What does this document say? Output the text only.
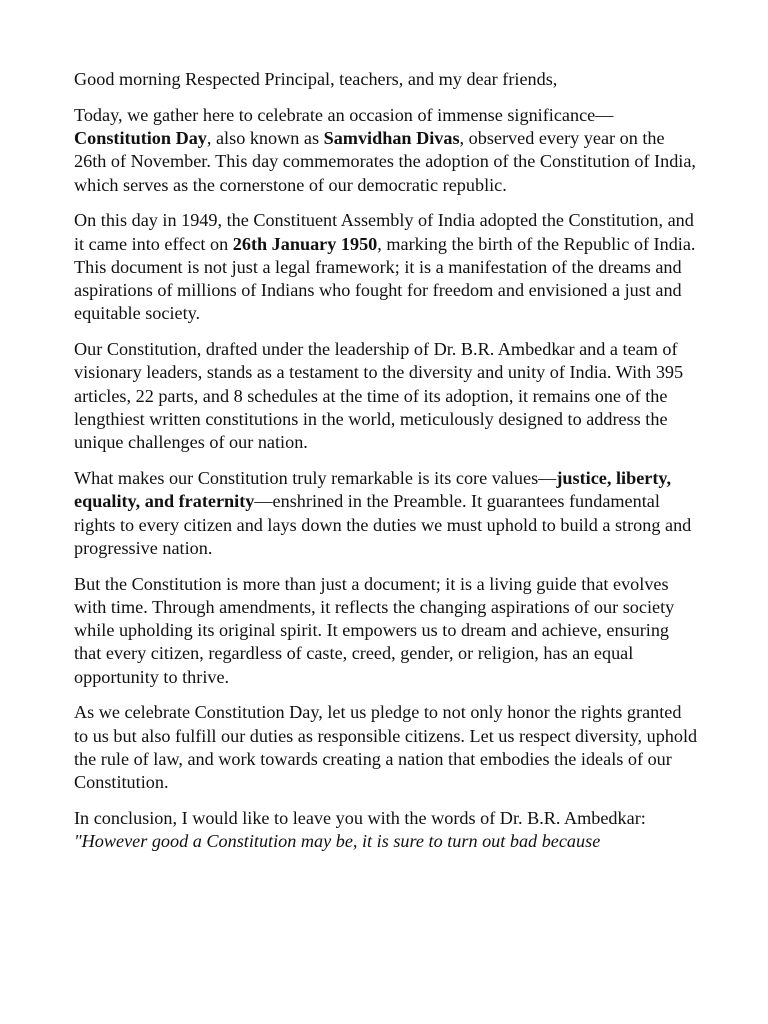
Good morning Respected Principal, teachers, and my dear friends,

Today, we gather here to celebrate an occasion of immense significance—Constitution Day, also known as Samvidhan Divas, observed every year on the 26th of November. This day commemorates the adoption of the Constitution of India, which serves as the cornerstone of our democratic republic.

On this day in 1949, the Constituent Assembly of India adopted the Constitution, and it came into effect on 26th January 1950, marking the birth of the Republic of India. This document is not just a legal framework; it is a manifestation of the dreams and aspirations of millions of Indians who fought for freedom and envisioned a just and equitable society.

Our Constitution, drafted under the leadership of Dr. B.R. Ambedkar and a team of visionary leaders, stands as a testament to the diversity and unity of India. With 395 articles, 22 parts, and 8 schedules at the time of its adoption, it remains one of the lengthiest written constitutions in the world, meticulously designed to address the unique challenges of our nation.

What makes our Constitution truly remarkable is its core values—justice, liberty, equality, and fraternity—enshrined in the Preamble. It guarantees fundamental rights to every citizen and lays down the duties we must uphold to build a strong and progressive nation.

But the Constitution is more than just a document; it is a living guide that evolves with time. Through amendments, it reflects the changing aspirations of our society while upholding its original spirit. It empowers us to dream and achieve, ensuring that every citizen, regardless of caste, creed, gender, or religion, has an equal opportunity to thrive.

As we celebrate Constitution Day, let us pledge to not only honor the rights granted to us but also fulfill our duties as responsible citizens. Let us respect diversity, uphold the rule of law, and work towards creating a nation that embodies the ideals of our Constitution.

In conclusion, I would like to leave you with the words of Dr. B.R. Ambedkar:

"However good a Constitution may be, it is sure to turn out bad because
